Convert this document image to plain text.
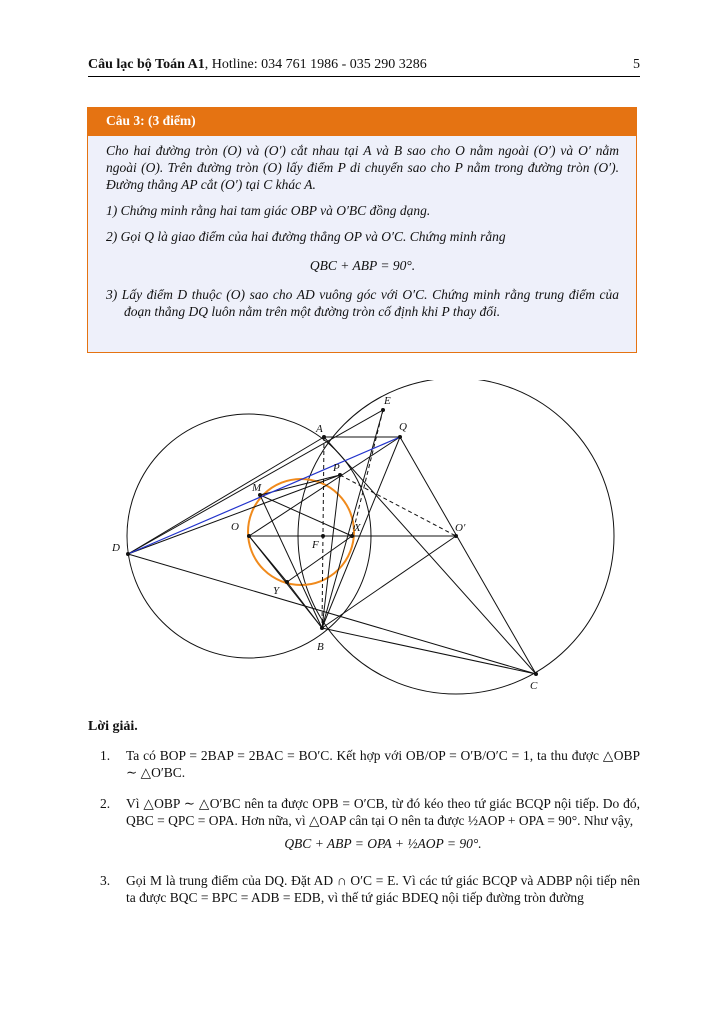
Câu lạc bộ Toán A1, Hotline: 034 761 1986 - 035 290 3286	5
Câu 3: (3 điểm)

Cho hai đường tròn (O) và (O′) cắt nhau tại A và B sao cho O nằm ngoài (O′) và O′ nằm ngoài (O). Trên đường tròn (O) lấy điểm P di chuyển sao cho P nằm trong đường tròn (O′). Đường thẳng AP cắt (O′) tại C khác A.

1) Chứng minh rằng hai tam giác OBP và O′BC đồng dạng.

2) Gọi Q là giao điểm của hai đường thẳng OP và O′C. Chứng minh rằng

QBC + ABP = 90°.

3) Lấy điểm D thuộc (O) sao cho AD vuông góc với O′C. Chứng minh rằng trung điểm của đoạn thẳng DQ luôn nằm trên một đường tròn cố định khi P thay đổi.

E
A	Q
P
M
O	X	O′
D	F
Y
B
C
Lời giải.
1.	Ta có BOP = 2BAP = 2BAC = BO′C. Kết hợp với OB/OP = O′B/O′C = 1, ta thu được △OBP ∼ △O′BC.
2.	Vì △OBP ∼ △O′BC nên ta được OPB = O′CB, từ đó kéo theo tứ giác BCQP nội tiếp. Do đó, QBC = QPC = OPA. Hơn nữa, vì △OAP cân tại O nên ta được ½AOP + OPA = 90°. Như vậy,
QBC + ABP = OPA + ½AOP = 90°.
3.	Gọi M là trung điểm của DQ. Đặt AD ∩ O′C = E. Vì các tứ giác BCQP và ADBP nội tiếp nên ta được BQC = BPC = ADB = EDB, vì thế tứ giác BDEQ nội tiếp đường tròn đường
